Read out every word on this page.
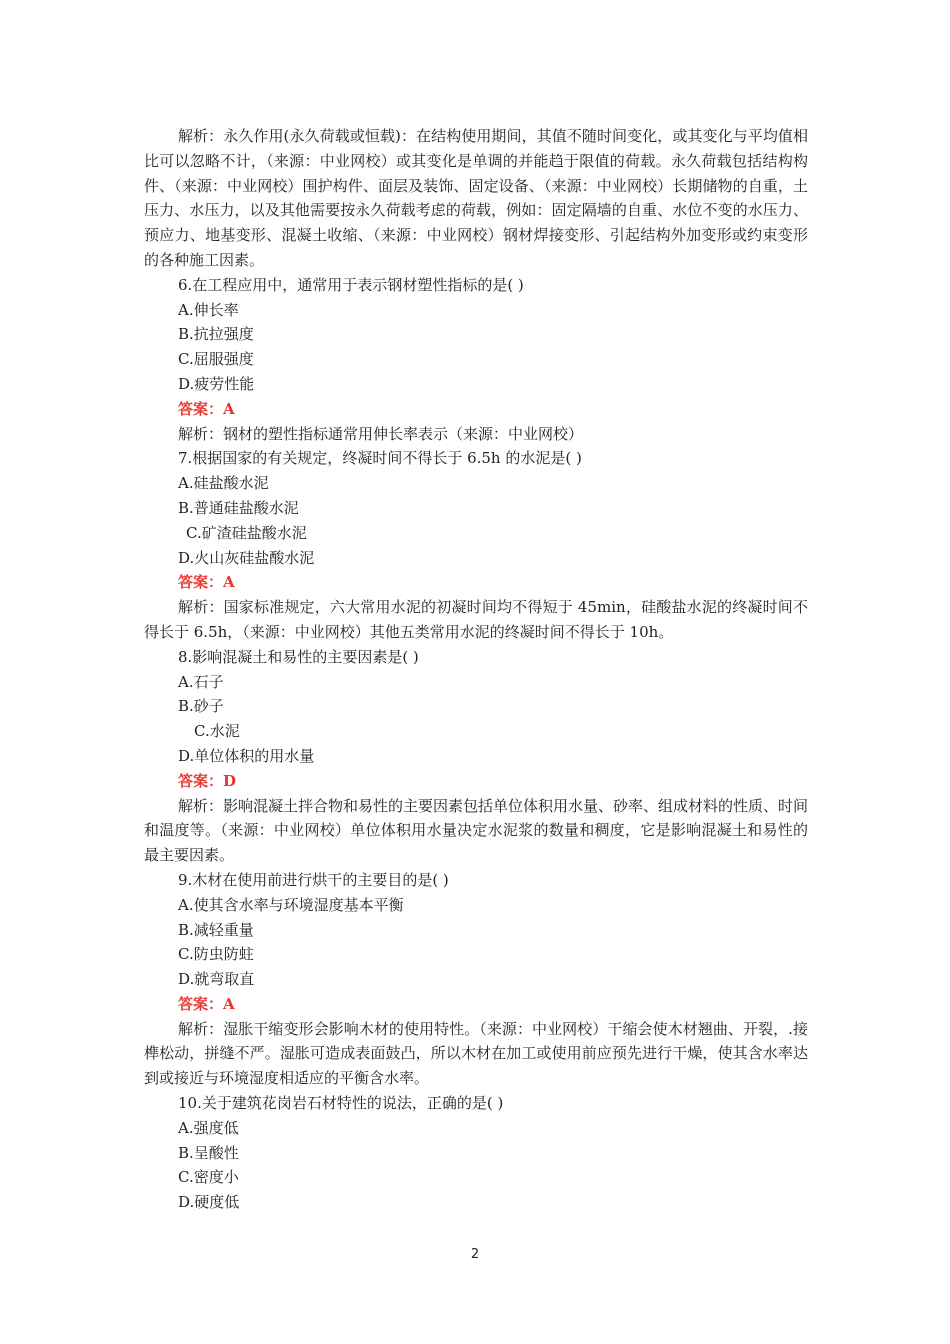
解析：永久作用(永久荷载或恒载)：在结构使用期间，其值不随时间变化，或其变化与平均值相比可以忽略不计，（来源：中业网校）或其变化是单调的并能趋于限值的荷载。永久荷载包括结构构件、（来源：中业网校）围护构件、面层及装饰、固定设备、（来源：中业网校）长期储物的自重，土压力、水压力，以及其他需要按永久荷载考虑的荷载，例如：固定隔墙的自重、水位不变的水压力、预应力、地基变形、混凝土收缩、（来源：中业网校）钢材焊接变形、引起结构外加变形或约束变形的各种施工因素。

6.在工程应用中，通常用于表示钢材塑性指标的是( )

A.伸长率

B.抗拉强度

C.屈服强度

D.疲劳性能

答案：A

解析：钢材的塑性指标通常用伸长率表示（来源：中业网校）

7.根据国家的有关规定，终凝时间不得长于 6.5h 的水泥是( )

A.硅盐酸水泥

B.普通硅盐酸水泥

C.矿渣硅盐酸水泥

D.火山灰硅盐酸水泥

答案：A

解析：国家标准规定，六大常用水泥的初凝时间均不得短于 45min，硅酸盐水泥的终凝时间不得长于 6.5h，（来源：中业网校）其他五类常用水泥的终凝时间不得长于 10h。

8.影响混凝土和易性的主要因素是( )

A.石子

B.砂子

C.水泥

D.单位体积的用水量

答案：D

解析：影响混凝土拌合物和易性的主要因素包括单位体积用水量、砂率、组成材料的性质、时间和温度等。（来源：中业网校）单位体积用水量决定水泥浆的数量和稠度，它是影响混凝土和易性的最主要因素。

9.木材在使用前进行烘干的主要目的是( )

A.使其含水率与环境湿度基本平衡

B.减轻重量

C.防虫防蛀

D.就弯取直

答案：A

解析：湿胀干缩变形会影响木材的使用特性。（来源：中业网校）干缩会使木材翘曲、开裂，.接榫松动，拼缝不严。湿胀可造成表面鼓凸，所以木材在加工或使用前应预先进行干燥，使其含水率达到或接近与环境湿度相适应的平衡含水率。

10.关于建筑花岗岩石材特性的说法，正确的是( )

A.强度低

B.呈酸性

C.密度小

D.硬度低

2
